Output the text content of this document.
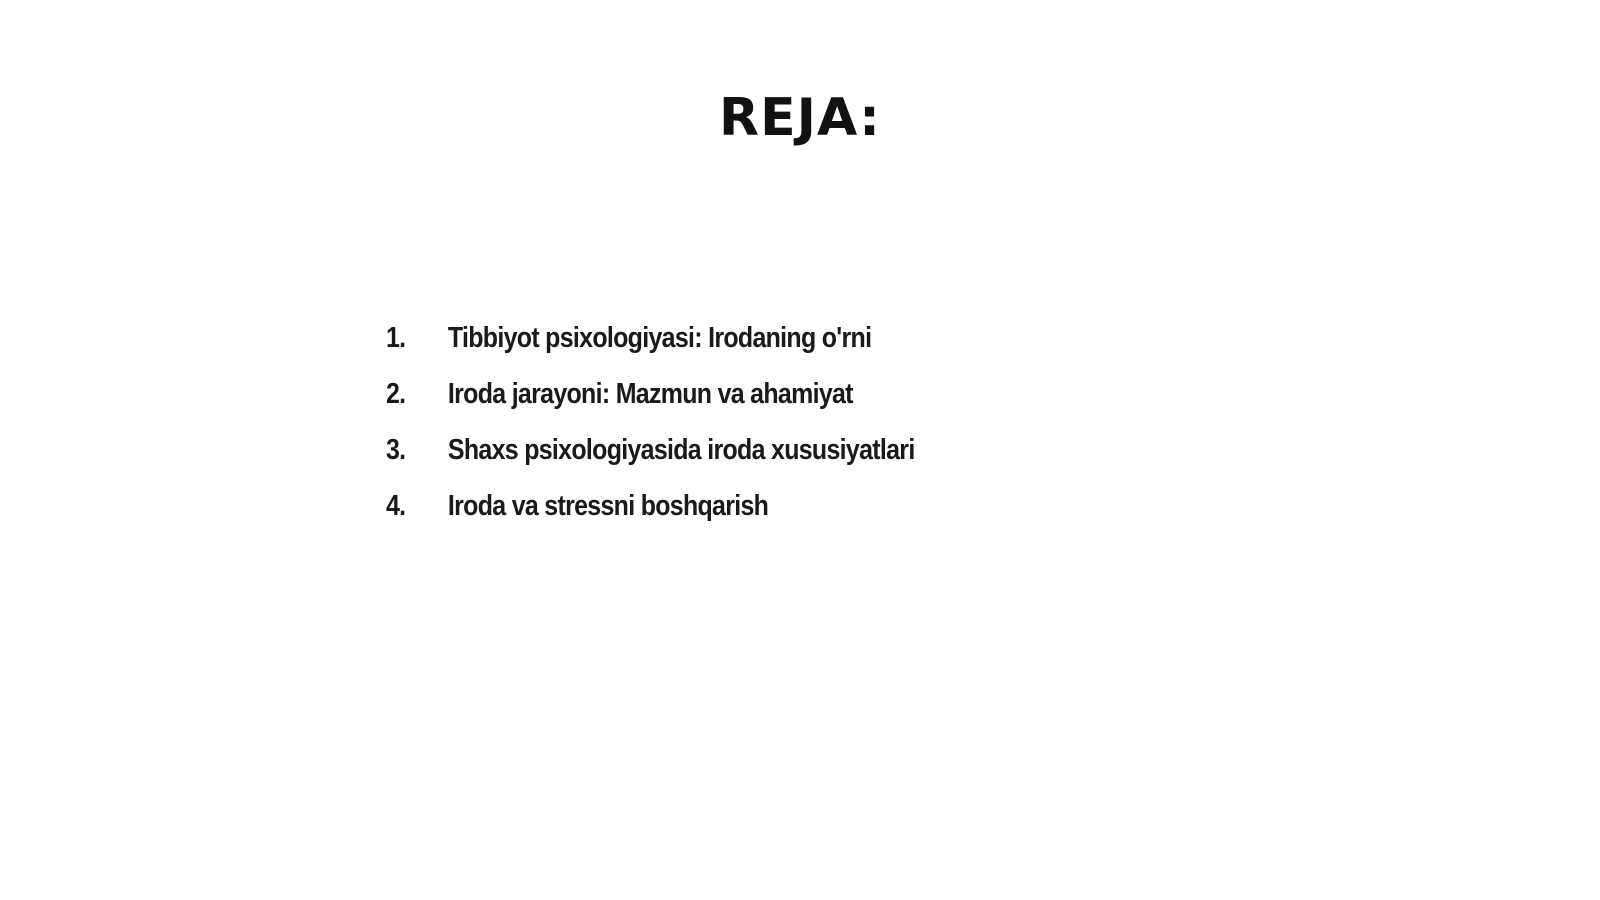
REJA:
1.	Tibbiyot psixologiyasi: Irodaning o'rni
2.	Iroda jarayoni: Mazmun va ahamiyat
3.	Shaxs psixologiyasida iroda xususiyatlari
4.	Iroda va stressni boshqarish
